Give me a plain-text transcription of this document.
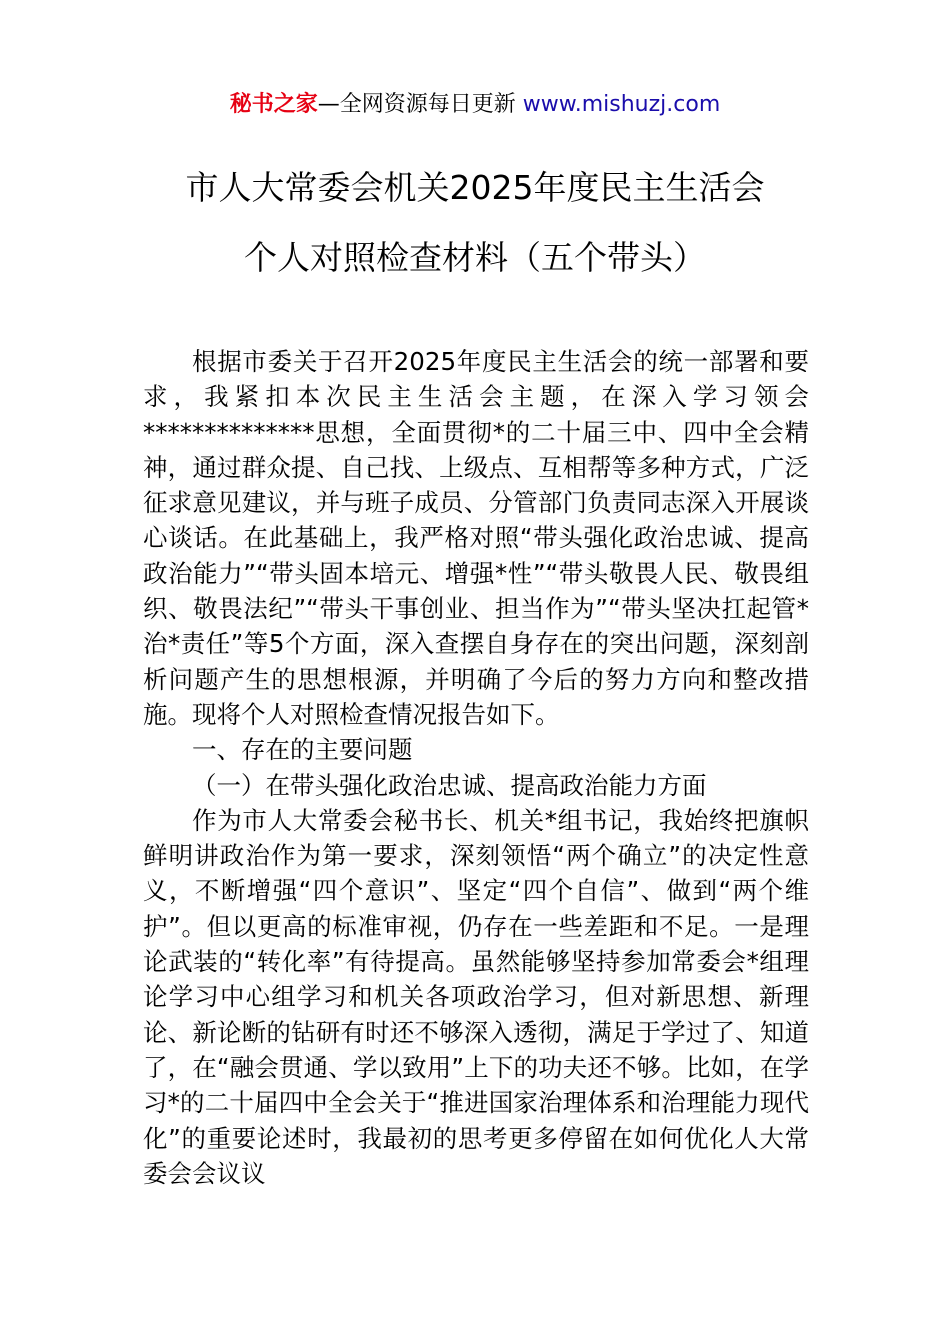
秘书之家—全网资源每日更新 www.mishuzj.com
市人大常委会机关2025年度民主生活会
个人对照检查材料（五个带头）

根据市委关于召开2025年度民主生活会的统一部署和要求，我紧扣本次民主生活会主题，在深入学习领会**************思想，全面贯彻*的二十届三中、四中全会精神，通过群众提、自己找、上级点、互相帮等多种方式，广泛征求意见建议，并与班子成员、分管部门负责同志深入开展谈心谈话。在此基础上，我严格对照“带头强化政治忠诚、提高政治能力”“带头固本培元、增强*性”“带头敬畏人民、敬畏组织、敬畏法纪”“带头干事创业、担当作为”“带头坚决扛起管*治*责任”等5个方面，深入查摆自身存在的突出问题，深刻剖析问题产生的思想根源，并明确了今后的努力方向和整改措施。现将个人对照检查情况报告如下。

一、存在的主要问题

（一）在带头强化政治忠诚、提高政治能力方面

作为市人大常委会秘书长、机关*组书记，我始终把旗帜鲜明讲政治作为第一要求，深刻领悟“两个确立”的决定性意义，不断增强“四个意识”、坚定“四个自信”、做到“两个维护”。但以更高的标准审视，仍存在一些差距和不足。一是理论武装的“转化率”有待提高。虽然能够坚持参加常委会*组理论学习中心组学习和机关各项政治学习，但对新思想、新理论、新论断的钻研有时还不够深入透彻，满足于学过了、知道了，在“融会贯通、学以致用”上下的功夫还不够。比如，在学习*的二十届四中全会关于“推进国家治理体系和治理能力现代化”的重要论述时，我最初的思考更多停留在如何优化人大常委会会议议
